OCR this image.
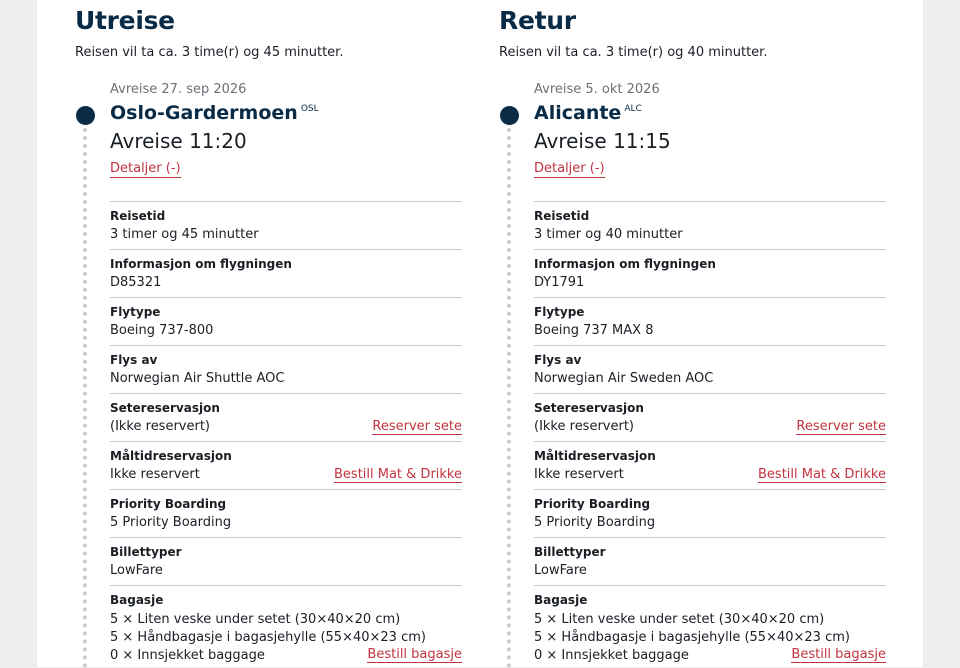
Utreise
Reisen vil ta ca. 3 time(r) og 45 minutter.
Avreise 27. sep 2026
Oslo-Gardermoen $^{OSL}$
Avreise 11:20
Detaljer (-)
Reisetid
3 timer og 45 minutter
Informasjon om flygningen
D85321
Flytype
Boeing 737-800
Flys av
Norwegian Air Shuttle AOC
Setereservasjon
(Ikke reservert)	Reserver sete
Måltidreservasjon
Ikke reservert	Bestill Mat & Drikke
Priority Boarding
5 Priority Boarding
Billettyper
LowFare
Bagasje
5 × Liten veske under setet (30×40×20 cm)
5 × Håndbagasje i bagasjehylle (55×40×23 cm)
0 × Innsjekket baggage	Bestill bagasje
Retur
Reisen vil ta ca. 3 time(r) og 40 minutter.
Avreise 5. okt 2026
Alicante $^{ALC}$
Avreise 11:15
Detaljer (-)
Reisetid
3 timer og 40 minutter
Informasjon om flygningen
DY1791
Flytype
Boeing 737 MAX 8
Flys av
Norwegian Air Sweden AOC
Setereservasjon
(Ikke reservert)	Reserver sete
Måltidreservasjon
Ikke reservert	Bestill Mat & Drikke
Priority Boarding
5 Priority Boarding
Billettyper
LowFare
Bagasje
5 × Liten veske under setet (30×40×20 cm)
5 × Håndbagasje i bagasjehylle (55×40×23 cm)
0 × Innsjekket baggage	Bestill bagasje
